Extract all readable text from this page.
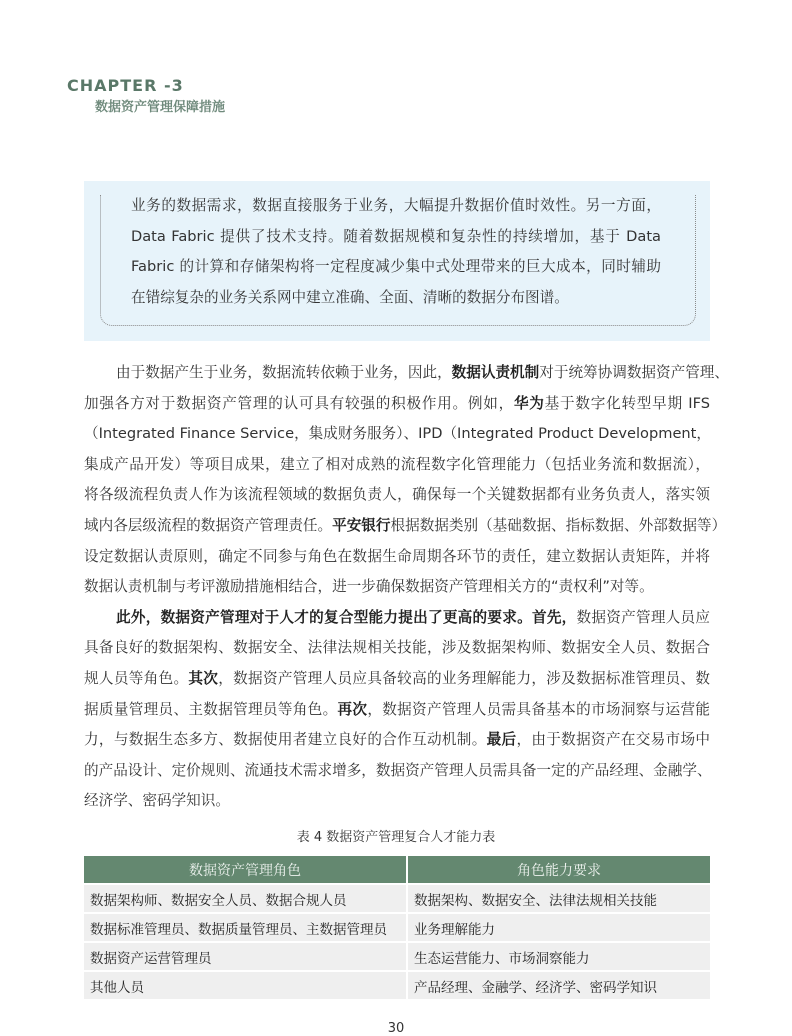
CHAPTER -3
数据资产管理保障措施
业务的数据需求，数据直接服务于业务，大幅提升数据价值时效性。另一方面，
Data Fabric 提供了技术支持。随着数据规模和复杂性的持续增加，基于 Data
Fabric 的计算和存储架构将一定程度减少集中式处理带来的巨大成本，同时辅助
在错综复杂的业务关系网中建立准确、全面、清晰的数据分布图谱。
由于数据产生于业务，数据流转依赖于业务，因此，数据认责机制对于统筹协调数据资产管理、
加强各方对于数据资产管理的认可具有较强的积极作用。例如，华为基于数字化转型早期 IFS
（Integrated Finance Service，集成财务服务）、IPD（Integrated Product Development，
集成产品开发）等项目成果，建立了相对成熟的流程数字化管理能力（包括业务流和数据流），
将各级流程负责人作为该流程领域的数据负责人，确保每一个关键数据都有业务负责人，落实领
域内各层级流程的数据资产管理责任。平安银行根据数据类别（基础数据、指标数据、外部数据等）
设定数据认责原则，确定不同参与角色在数据生命周期各环节的责任，建立数据认责矩阵，并将
数据认责机制与考评激励措施相结合，进一步确保数据资产管理相关方的“责权利”对等。
此外，数据资产管理对于人才的复合型能力提出了更高的要求。首先，数据资产管理人员应
具备良好的数据架构、数据安全、法律法规相关技能，涉及数据架构师、数据安全人员、数据合
规人员等角色。其次，数据资产管理人员应具备较高的业务理解能力，涉及数据标准管理员、数
据质量管理员、主数据管理员等角色。再次，数据资产管理人员需具备基本的市场洞察与运营能
力，与数据生态多方、数据使用者建立良好的合作互动机制。最后，由于数据资产在交易市场中
的产品设计、定价规则、流通技术需求增多，数据资产管理人员需具备一定的产品经理、金融学、
经济学、密码学知识。
表 4 数据资产管理复合人才能力表
数据资产管理角色	角色能力要求
数据架构师、数据安全人员、数据合规人员	数据架构、数据安全、法律法规相关技能
数据标准管理员、数据质量管理员、主数据管理员	业务理解能力
数据资产运营管理员	生态运营能力、市场洞察能力
其他人员	产品经理、金融学、经济学、密码学知识
30
